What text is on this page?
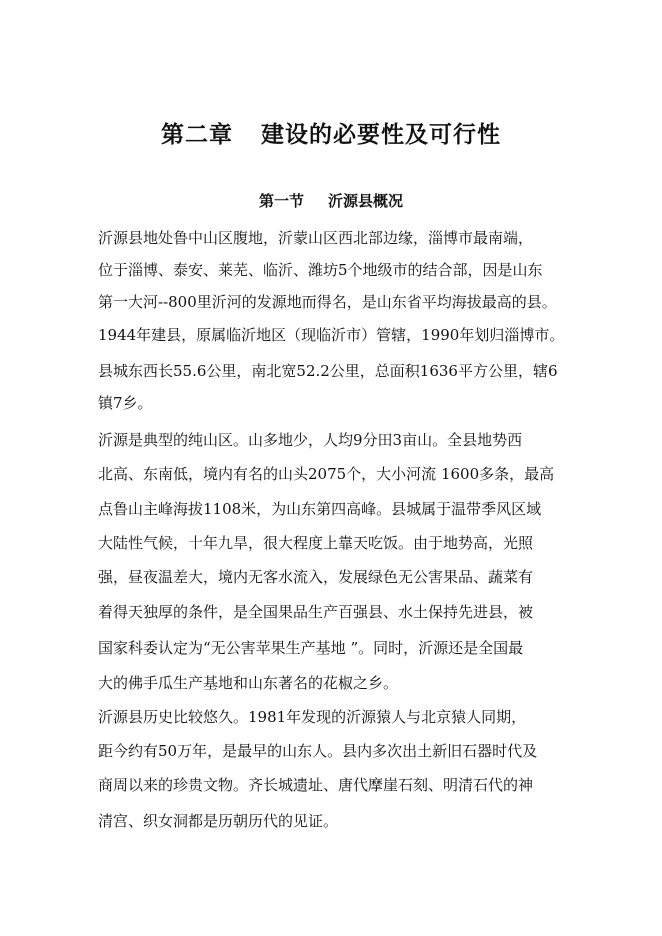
第二章 建设的必要性及可行性
第一节 沂源县概况
沂源县地处鲁中山区腹地，沂蒙山区西北部边缘，淄博市最南端，
位于淄博、泰安、莱芜、临沂、潍坊5个地级市的结合部，因是山东
第一大河--800里沂河的发源地而得名，是山东省平均海拔最高的县。
1944年建县，原属临沂地区（现临沂市）管辖，1990年划归淄博市。
县城东西长55.6公里，南北宽52.2公里，总面积1636平方公里，辖6
镇7乡。
沂源是典型的纯山区。山多地少，人均9分田3亩山。全县地势西
北高、东南低，境内有名的山头2075个，大小河流 1600多条，最高
点鲁山主峰海拔1108米，为山东第四高峰。县城属于温带季风区域
大陆性气候，十年九旱，很大程度上靠天吃饭。由于地势高，光照
强，昼夜温差大，境内无客水流入，发展绿色无公害果品、蔬菜有
着得天独厚的条件，是全国果品生产百强县、水土保持先进县，被
国家科委认定为“无公害苹果生产基地 ”。同时，沂源还是全国最
大的佛手瓜生产基地和山东著名的花椒之乡。
沂源县历史比较悠久。1981年发现的沂源猿人与北京猿人同期，
距今约有50万年，是最早的山东人。县内多次出土新旧石器时代及
商周以来的珍贵文物。齐长城遗址、唐代摩崖石刻、明清石代的神
清宫、织女洞都是历朝历代的见证。
